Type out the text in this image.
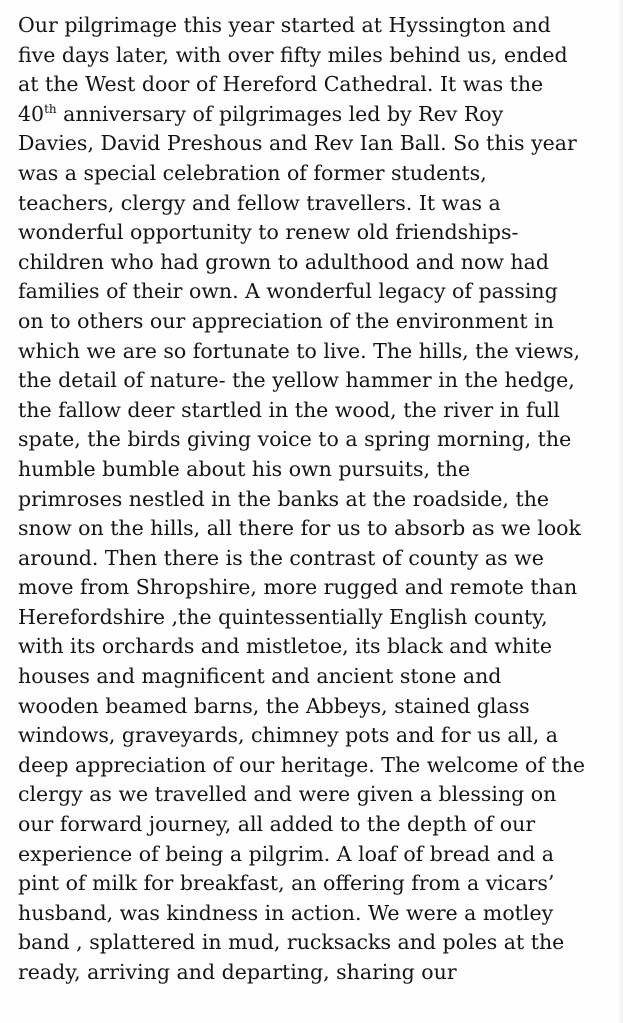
Our pilgrimage this year started at Hyssington and
five days later, with over fifty miles behind us, ended
at the West door of Hereford Cathedral. It was the
40th anniversary of pilgrimages led by Rev Roy
Davies, David Preshous and Rev Ian Ball. So this year
was a special celebration of former students,
teachers, clergy and fellow travellers. It was a
wonderful opportunity to renew old friendships-
children who had grown to adulthood and now had
families of their own. A wonderful legacy of passing
on to others our appreciation of the environment in
which we are so fortunate to live. The hills, the views,
the detail of nature- the yellow hammer in the hedge,
the fallow deer startled in the wood, the river in full
spate, the birds giving voice to a spring morning, the
humble bumble about his own pursuits, the
primroses nestled in the banks at the roadside, the
snow on the hills, all there for us to absorb as we look
around. Then there is the contrast of county as we
move from Shropshire, more rugged and remote than
Herefordshire ,the quintessentially English county,
with its orchards and mistletoe, its black and white
houses and magnificent and ancient stone and
wooden beamed barns, the Abbeys, stained glass
windows, graveyards, chimney pots and for us all, a
deep appreciation of our heritage. The welcome of the
clergy as we travelled and were given a blessing on
our forward journey, all added to the depth of our
experience of being a pilgrim. A loaf of bread and a
pint of milk for breakfast, an offering from a vicars’
husband, was kindness in action. We were a motley
band , splattered in mud, rucksacks and poles at the
ready, arriving and departing, sharing our
